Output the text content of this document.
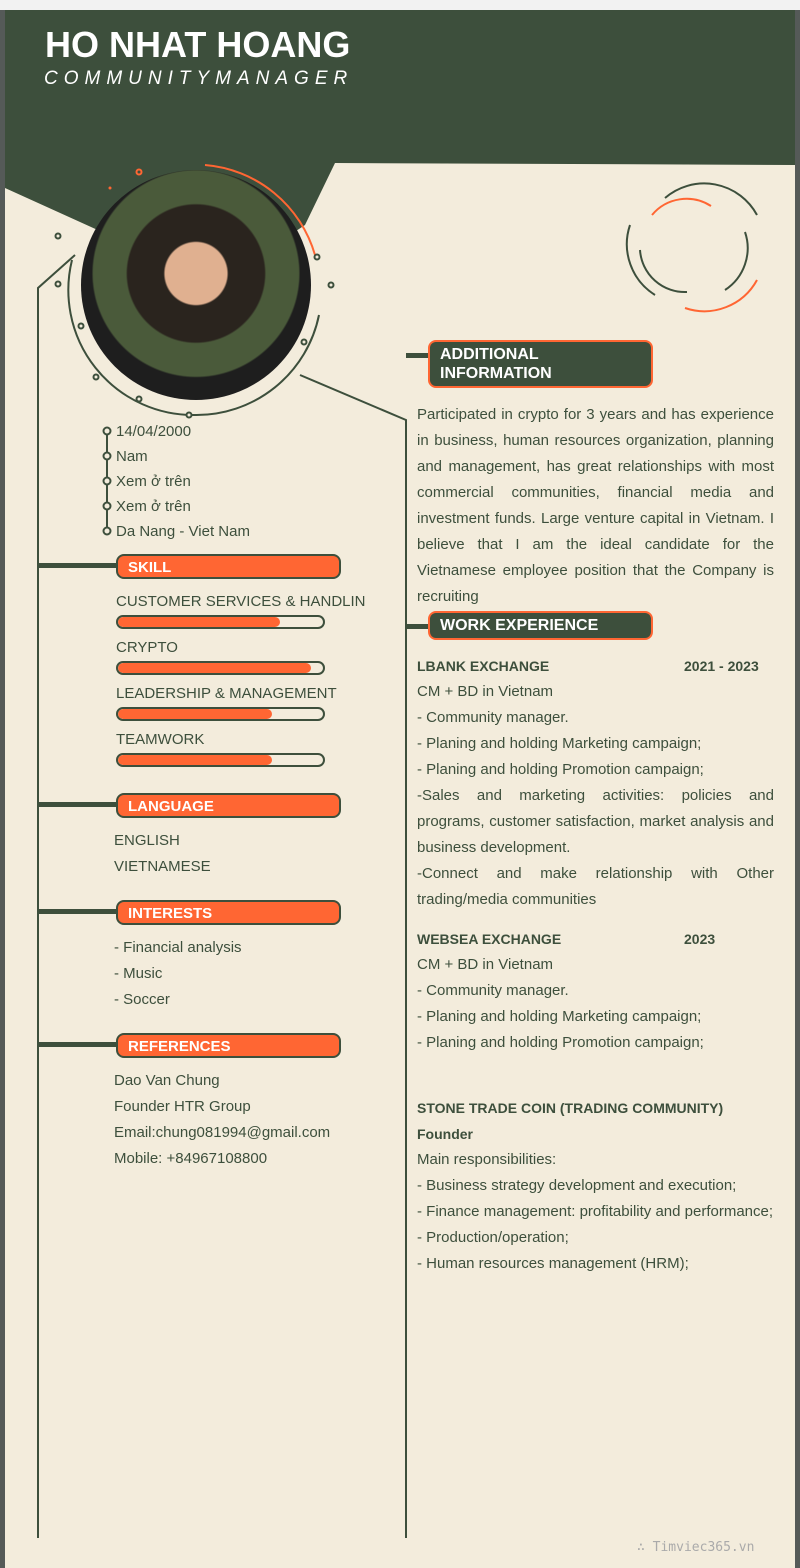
HO NHAT HOANG
COMMUNITYMANAGER
14/04/2000
Nam
Xem ở trên
Xem ở trên
Da Nang - Viet Nam
SKILL
CUSTOMER SERVICES & HANDLIN
CRYPTO
LEADERSHIP & MANAGEMENT
TEAMWORK
LANGUAGE
ENGLISH
VIETNAMESE
INTERESTS
- Financial analysis
- Music
- Soccer
REFERENCES
Dao Van Chung
Founder HTR Group
Email:chung081994@gmail.com
Mobile: +84967108800
ADDITIONAL
INFORMATION
Participated in crypto for 3 years and has experience in business, human resources organization, planning and management, has great relationships with most commercial communities, financial media and investment funds. Large venture capital in Vietnam. I believe that I am the ideal candidate for the Vietnamese employee position that the Company is recruiting
WORK EXPERIENCE
LBANK EXCHANGE	2021 - 2023
CM + BD in Vietnam
- Community manager.
- Planing and holding Marketing campaign;
- Planing and holding Promotion campaign;
-Sales and marketing activities: policies and programs, customer satisfaction, market analysis and business development.
-Connect and make relationship with Other trading/media communities
WEBSEA EXCHANGE	2023
CM + BD in Vietnam
- Community manager.
- Planing and holding Marketing campaign;
- Planing and holding Promotion campaign;
STONE TRADE COIN (TRADING COMMUNITY)
Founder
Main responsibilities:
- Business strategy development and execution;
- Finance management: profitability and performance;
- Production/operation;
- Human resources management (HRM);
∴ Timviec365.vn
